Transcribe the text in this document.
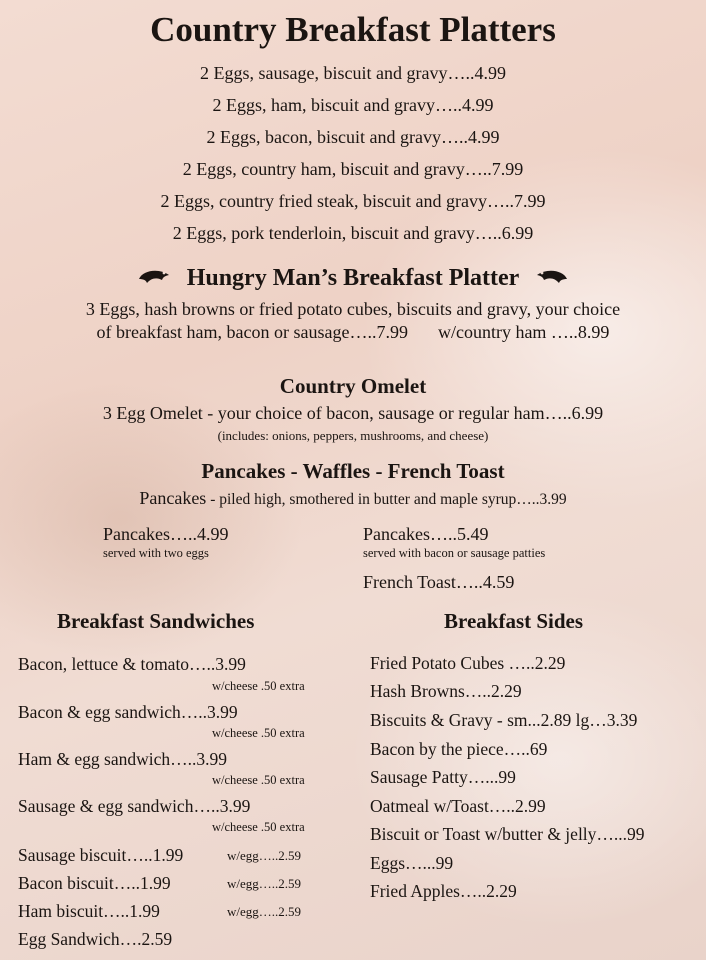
Country Breakfast Platters
2 Eggs, sausage, biscuit and gravy…..4.99
2 Eggs, ham, biscuit and gravy…..4.99
2 Eggs, bacon, biscuit and gravy…..4.99
2 Eggs, country ham, biscuit and gravy…..7.99
2 Eggs, country fried steak, biscuit and gravy…..7.99
2 Eggs, pork tenderloin, biscuit and gravy…..6.99
Hungry Man’s Breakfast Platter
3 Eggs, hash browns or fried potato cubes, biscuits and gravy, your choice
of breakfast ham, bacon or sausage…..7.99 w/country ham …..8.99
Country Omelet
3 Egg Omelet - your choice of bacon, sausage or regular ham…..6.99
(includes: onions, peppers, mushrooms, and cheese)
Pancakes - Waffles - French Toast
Pancakes - piled high, smothered in butter and maple syrup…..3.99
Pancakes…..4.99
served with two eggs
Pancakes…..5.49
served with bacon or sausage patties
French Toast…..4.59
Breakfast Sandwiches
Bacon, lettuce & tomato…..3.99
w/cheese .50 extra
Bacon & egg sandwich…..3.99
w/cheese .50 extra
Ham & egg sandwich…..3.99
w/cheese .50 extra
Sausage & egg sandwich…..3.99
w/cheese .50 extra
Sausage biscuit…..1.99	w/egg…..2.59
Bacon biscuit…..1.99	w/egg…..2.59
Ham biscuit…..1.99	w/egg…..2.59
Egg Sandwich….2.59
Breakfast Sides
Fried Potato Cubes …..2.29
Hash Browns…..2.29
Biscuits & Gravy - sm...2.89 lg…3.39
Bacon by the piece…..69
Sausage Patty…...99
Oatmeal w/Toast…..2.99
Biscuit or Toast w/butter & jelly…...99
Eggs…...99
Fried Apples…..2.29
